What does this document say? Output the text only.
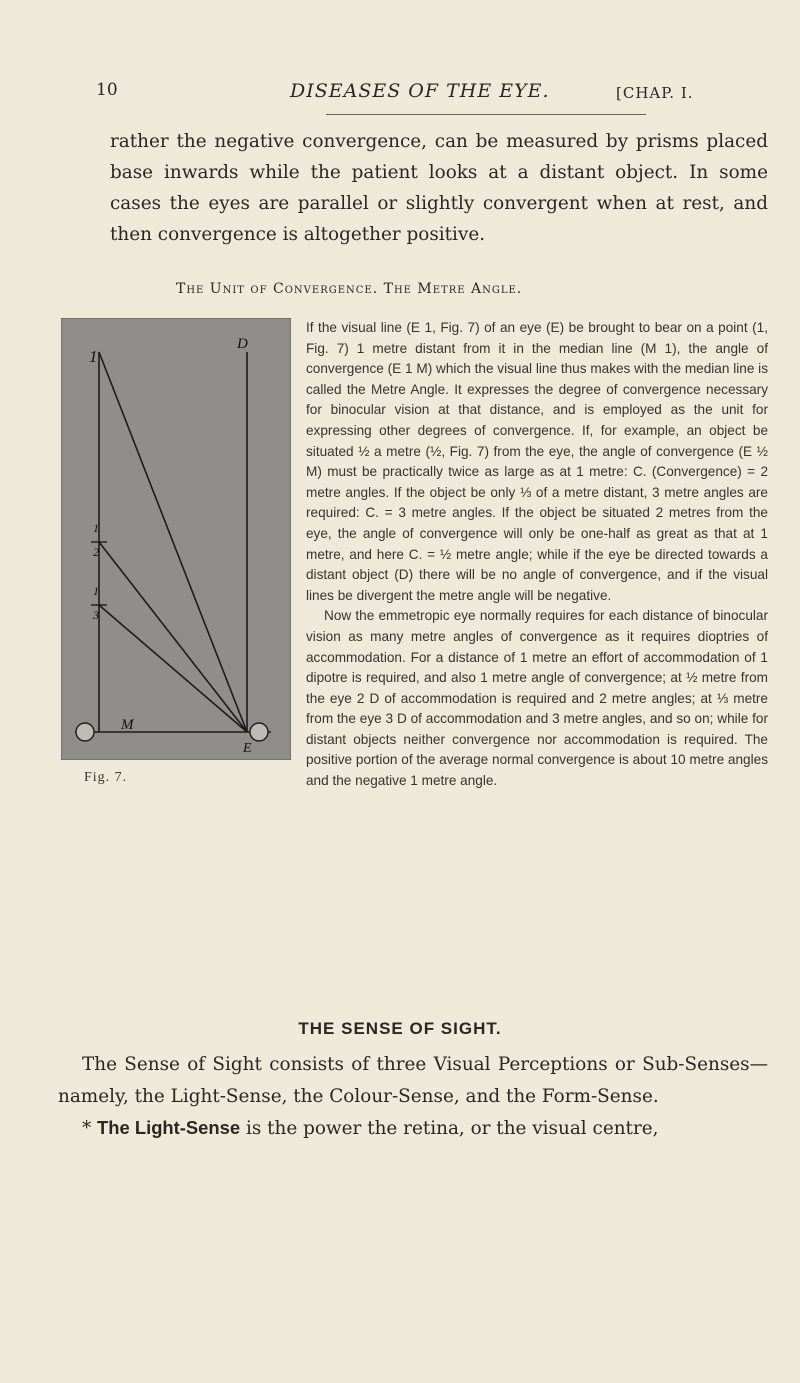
10	DISEASES OF THE EYE.	[CHAP. I.

rather the negative convergence, can be measured by prisms placed base inwards while the patient looks at a distant object. In some cases the eyes are parallel or slightly convergent when at rest, and then convergence is altogether positive.

The Unit of Convergence. The Metre Angle.
1
D
1
2
1
3
M
E
Fig. 7.

If the visual line (E 1, Fig. 7) of an eye (E) be brought to bear on a point (1, Fig. 7) 1 metre distant from it in the median line (M 1), the angle of convergence (E 1 M) which the visual line thus makes with the median line is called the Metre Angle. It expresses the degree of convergence necessary for binocular vision at that distance, and is employed as the unit for expressing other degrees of convergence. If, for example, an object be situated ½ a metre (½, Fig. 7) from the eye, the angle of convergence (E ½ M) must be practically twice as large as at 1 metre: C. (Convergence) = 2 metre angles. If the object be only ⅓ of a metre distant, 3 metre angles are required: C. = 3 metre angles. If the object be situated 2 metres from the eye, the angle of convergence will only be one-half as great as that at 1 metre, and here C. = ½ metre angle; while if the eye be directed towards a distant object (D) there will be no angle of convergence, and if the visual lines be divergent the metre angle will be negative.

Now the emmetropic eye normally requires for each distance of binocular vision as many metre angles of convergence as it requires dioptries of accommodation. For a distance of 1 metre an effort of accommodation of 1 dipotre is required, and also 1 metre angle of convergence; at ½ metre from the eye 2 D of accommodation is required and 2 metre angles; at ⅓ metre from the eye 3 D of accommodation and 3 metre angles, and so on; while for distant objects neither convergence nor accommodation is required. The positive portion of the average normal convergence is about 10 metre angles and the negative 1 metre angle.

THE SENSE OF SIGHT.

The Sense of Sight consists of three Visual Perceptions or Sub-Senses—namely, the Light-Sense, the Colour-Sense, and the Form-Sense.

* The Light-Sense is the power the retina, or the visual centre,
